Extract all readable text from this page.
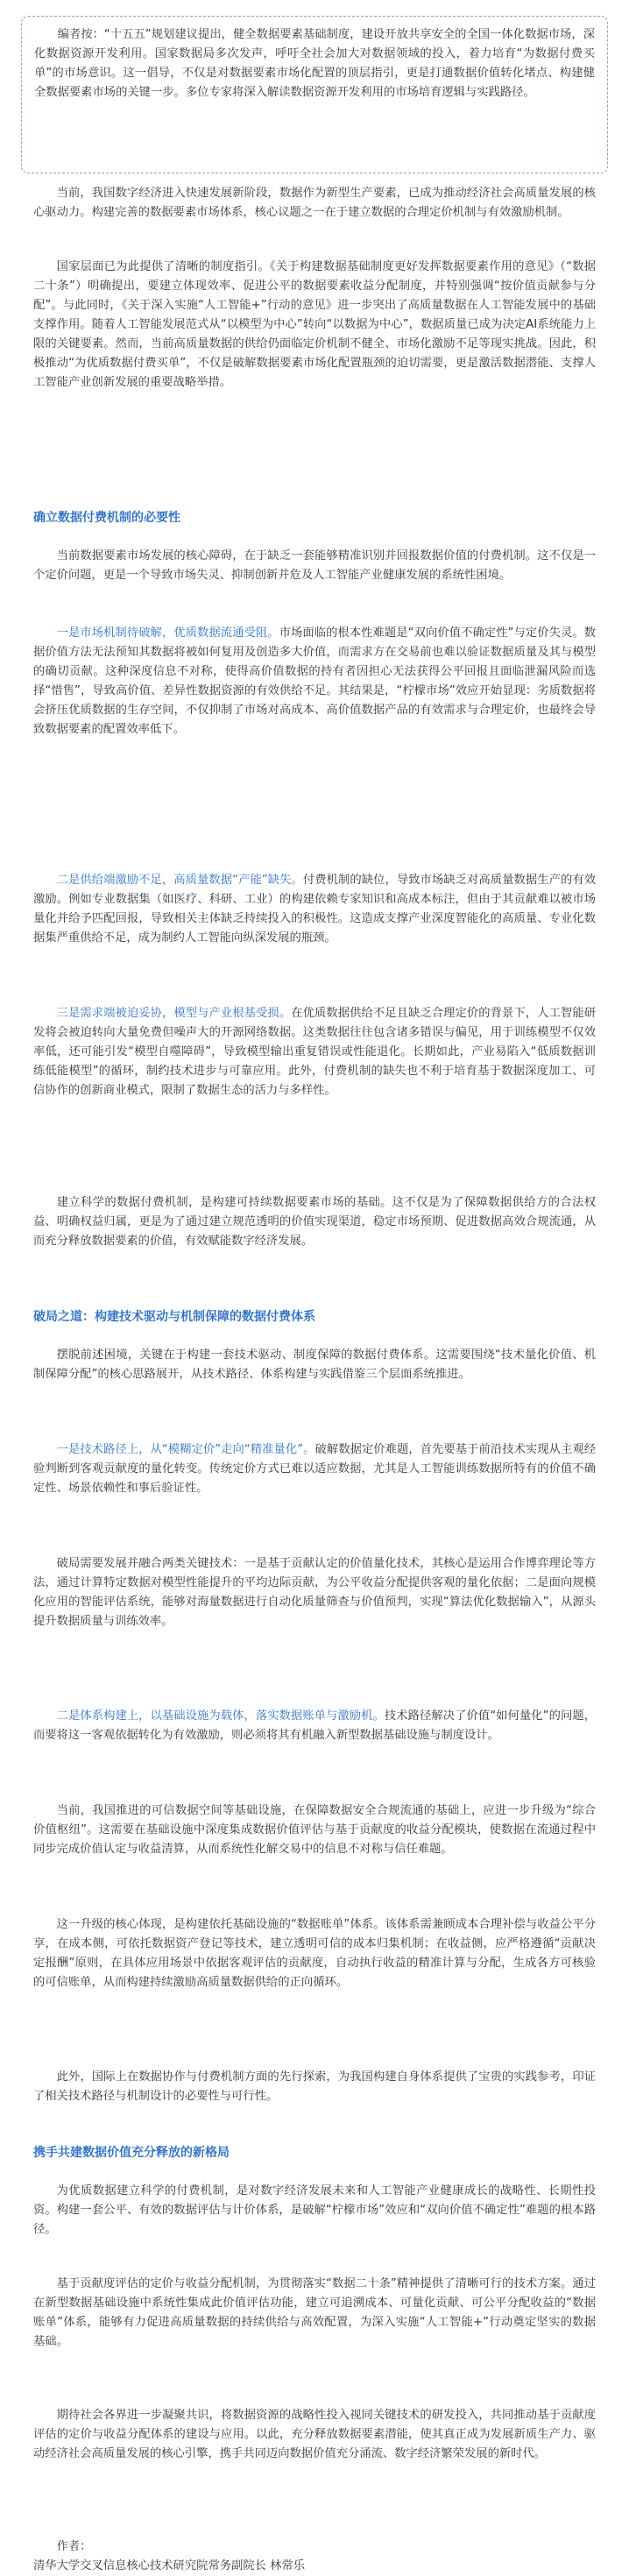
编者按：“十五五”规划建议提出，健全数据要素基础制度，建设开放共享安全的全国一体化数据市场，深化数据资源开发利用。国家数据局多次发声，呼吁全社会加大对数据领域的投入，着力培育“为数据付费买单”的市场意识。这一倡导，不仅是对数据要素市场化配置的顶层指引，更是打通数据价值转化堵点、构建健全数据要素市场的关键一步。多位专家将深入解读数据资源开发利用的市场培育逻辑与实践路径。

当前，我国数字经济进入快速发展新阶段，数据作为新型生产要素，已成为推动经济社会高质量发展的核心驱动力。构建完善的数据要素市场体系，核心议题之一在于建立数据的合理定价机制与有效激励机制。

国家层面已为此提供了清晰的制度指引。《关于构建数据基础制度更好发挥数据要素作用的意见》（“数据二十条”）明确提出，要建立体现效率、促进公平的数据要素收益分配制度，并特别强调“按价值贡献参与分配”。与此同时，《关于深入实施“人工智能+”行动的意见》进一步突出了高质量数据在人工智能发展中的基础支撑作用。随着人工智能发展范式从“以模型为中心”转向“以数据为中心”，数据质量已成为决定AI系统能力上限的关键要素。然而，当前高质量数据的供给仍面临定价机制不健全、市场化激励不足等现实挑战。因此，积极推动“为优质数据付费买单”，不仅是破解数据要素市场化配置瓶颈的迫切需要，更是激活数据潜能、支撑人工智能产业创新发展的重要战略举措。

确立数据付费机制的必要性

当前数据要素市场发展的核心障碍，在于缺乏一套能够精准识别并回报数据价值的付费机制。这不仅是一个定价问题，更是一个导致市场失灵、抑制创新并危及人工智能产业健康发展的系统性困境。

一是市场机制待破解，优质数据流通受阻。市场面临的根本性难题是“双向价值不确定性”与定价失灵。数据价值方法无法预知其数据将被如何复用及创造多大价值，而需求方在交易前也难以验证数据质量及其与模型的确切贡献。这种深度信息不对称，使得高价值数据的持有者因担心无法获得公平回报且面临泄漏风险而选择“惜售”，导致高价值、差异性数据资源的有效供给不足。其结果是，“柠檬市场”效应开始显现：劣质数据将会挤压优质数据的生存空间，不仅抑制了市场对高成本、高价值数据产品的有效需求与合理定价，也最终会导致数据要素的配置效率低下。

二是供给端激励不足，高质量数据“产能”缺失。付费机制的缺位，导致市场缺乏对高质量数据生产的有效激励。例如专业数据集（如医疗、科研、工业）的构建依赖专家知识和高成本标注，但由于其贡献难以被市场量化并给予匹配回报，导致相关主体缺乏持续投入的积极性。这造成支撑产业深度智能化的高质量、专业化数据集严重供给不足，成为制约人工智能向纵深发展的瓶颈。

三是需求端被迫妥协，模型与产业根基受损。在优质数据供给不足且缺乏合理定价的背景下，人工智能研发将会被迫转向大量免费但噪声大的开源网络数据。这类数据往往包含诸多错误与偏见，用于训练模型不仅效率低，还可能引发“模型自噬障碍”，导致模型输出重复错误或性能退化。长期如此，产业易陷入“低质数据训练低能模型”的循环，制约技术进步与可靠应用。此外，付费机制的缺失也不利于培育基于数据深度加工、可信协作的创新商业模式，限制了数据生态的活力与多样性。

建立科学的数据付费机制，是构建可持续数据要素市场的基础。这不仅是为了保障数据供给方的合法权益、明确权益归属，更是为了通过建立规范透明的价值实现渠道，稳定市场预期、促进数据高效合规流通，从而充分释放数据要素的价值，有效赋能数字经济发展。

破局之道：构建技术驱动与机制保障的数据付费体系

摆脱前述困境，关键在于构建一套技术驱动、制度保障的数据付费体系。这需要围绕“技术量化价值、机制保障分配”的核心思路展开，从技术路径、体系构建与实践借鉴三个层面系统推进。

一是技术路径上，从“模糊定价”走向“精准量化”。破解数据定价难题，首先要基于前沿技术实现从主观经验判断到客观贡献度的量化转变。传统定价方式已难以适应数据，尤其是人工智能训练数据所特有的价值不确定性、场景依赖性和事后验证性。

破局需要发展并融合两类关键技术：一是基于贡献认定的价值量化技术，其核心是运用合作博弈理论等方法，通过计算特定数据对模型性能提升的平均边际贡献，为公平收益分配提供客观的量化依据；二是面向规模化应用的智能评估系统，能够对海量数据进行自动化质量筛查与价值预判，实现“算法优化数据输入”，从源头提升数据质量与训练效率。

二是体系构建上，以基础设施为载体，落实数据账单与激励机。技术路径解决了价值“如何量化”的问题，而要将这一客观依据转化为有效激励，则必须将其有机融入新型数据基础设施与制度设计。

当前，我国推进的可信数据空间等基础设施，在保障数据安全合规流通的基础上，应进一步升级为“综合价值枢纽”。这需要在基础设施中深度集成数据价值评估与基于贡献度的收益分配模块，使数据在流通过程中同步完成价值认定与收益清算，从而系统性化解交易中的信息不对称与信任难题。

这一升级的核心体现，是构建依托基础设施的“数据账单”体系。该体系需兼顾成本合理补偿与收益公平分享，在成本侧，可依托数据资产登记等技术，建立透明可信的成本归集机制；在收益侧，应严格遵循“贡献决定报酬”原则，在具体应用场景中依据客观评估的贡献度，自动执行收益的精准计算与分配，生成各方可核验的可信账单，从而构建持续激励高质量数据供给的正向循环。

此外，国际上在数据协作与付费机制方面的先行探索，为我国构建自身体系提供了宝贵的实践参考，印证了相关技术路径与机制设计的必要性与可行性。

携手共建数据价值充分释放的新格局

为优质数据建立科学的付费机制，是对数字经济发展未来和人工智能产业健康成长的战略性、长期性投资。构建一套公平、有效的数据评估与计价体系，是破解“柠檬市场”效应和“双向价值不确定性”难题的根本路径。

基于贡献度评估的定价与收益分配机制，为贯彻落实“数据二十条”精神提供了清晰可行的技术方案。通过在新型数据基础设施中系统性集成此价值评估功能，建立可追溯成本、可量化贡献、可公平分配收益的“数据账单”体系，能够有力促进高质量数据的持续供给与高效配置，为深入实施“人工智能+”行动奠定坚实的数据基础。

期待社会各界进一步凝聚共识，将数据资源的战略性投入视同关键技术的研发投入，共同推动基于贡献度评估的定价与收益分配体系的建设与应用。以此，充分释放数据要素潜能，使其真正成为发展新质生产力、驱动经济社会高质量发展的核心引擎，携手共同迈向数据价值充分涌流、数字经济繁荣发展的新时代。

作者：

清华大学交叉信息核心技术研究院常务副院长 林常乐
